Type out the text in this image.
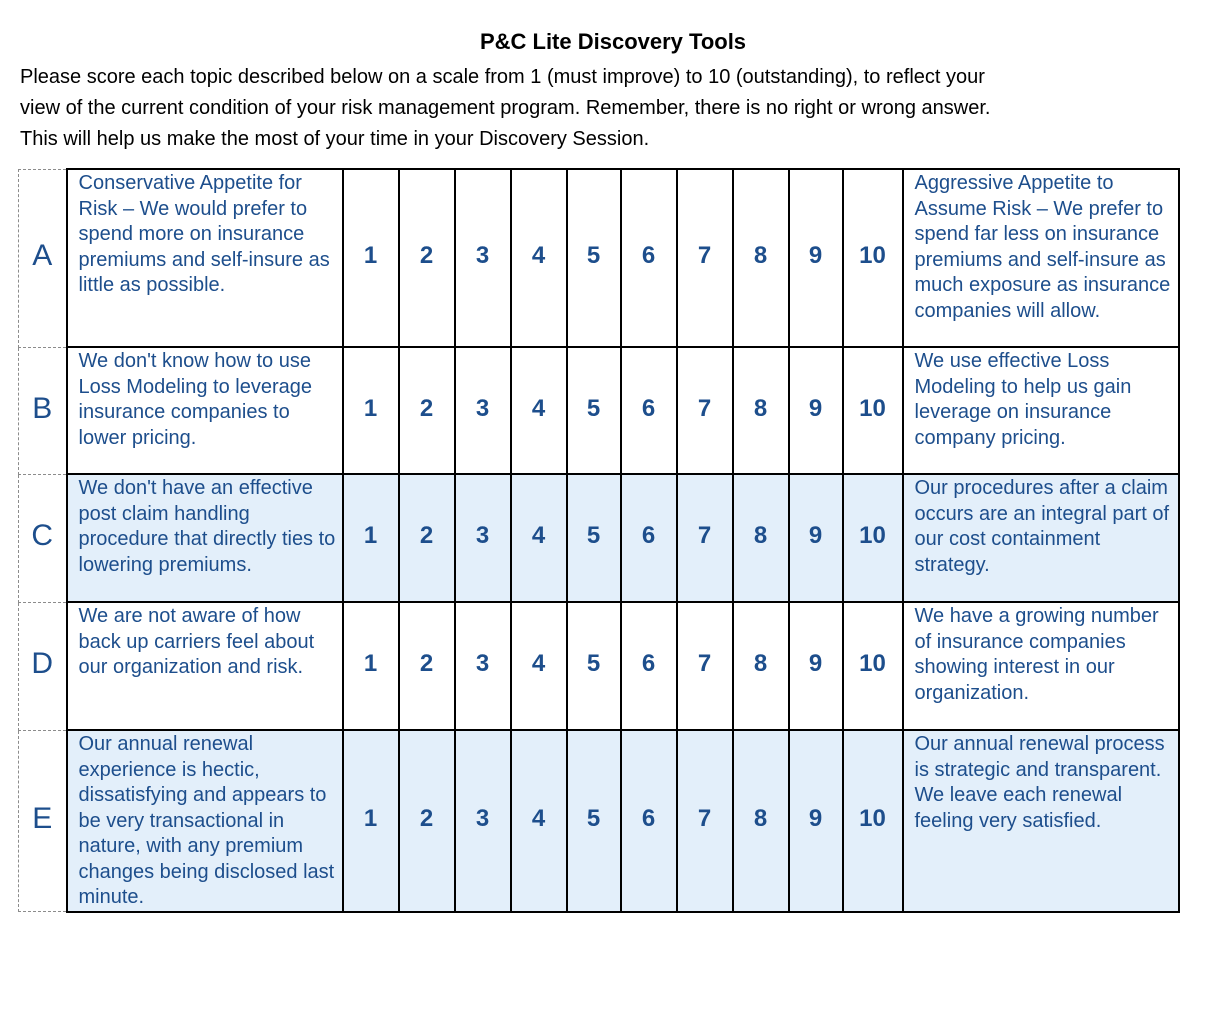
P&C Lite Discovery Tools
Please score each topic described below on a scale from 1 (must improve) to 10 (outstanding), to reflect your
view of the current condition of your risk management program. Remember, there is no right or wrong answer.
This will help us make the most of your time in your Discovery Session.
A	Conservative Appetite for Risk – We would prefer to spend more on insurance premiums and self-insure as little as possible.	1	2	3	4	5	6	7	8	9	10	Aggressive Appetite to Assume Risk – We prefer to spend far less on insurance premiums and self-insure as much exposure as insurance companies will allow.
B	We don't know how to use Loss Modeling to leverage insurance companies to lower pricing.	1	2	3	4	5	6	7	8	9	10	We use effective Loss Modeling to help us gain leverage on insurance company pricing.
C	We don't have an effective post claim handling procedure that directly ties to lowering premiums.	1	2	3	4	5	6	7	8	9	10	Our procedures after a claim occurs are an integral part of our cost containment strategy.
D	We are not aware of how back up carriers feel about our organization and risk.	1	2	3	4	5	6	7	8	9	10	We have a growing number of insurance companies showing interest in our organization.
E	Our annual renewal experience is hectic, dissatisfying and appears to be very transactional in nature, with any premium changes being disclosed last minute.	1	2	3	4	5	6	7	8	9	10	Our annual renewal process is strategic and transparent. We leave each renewal feeling very satisfied.
